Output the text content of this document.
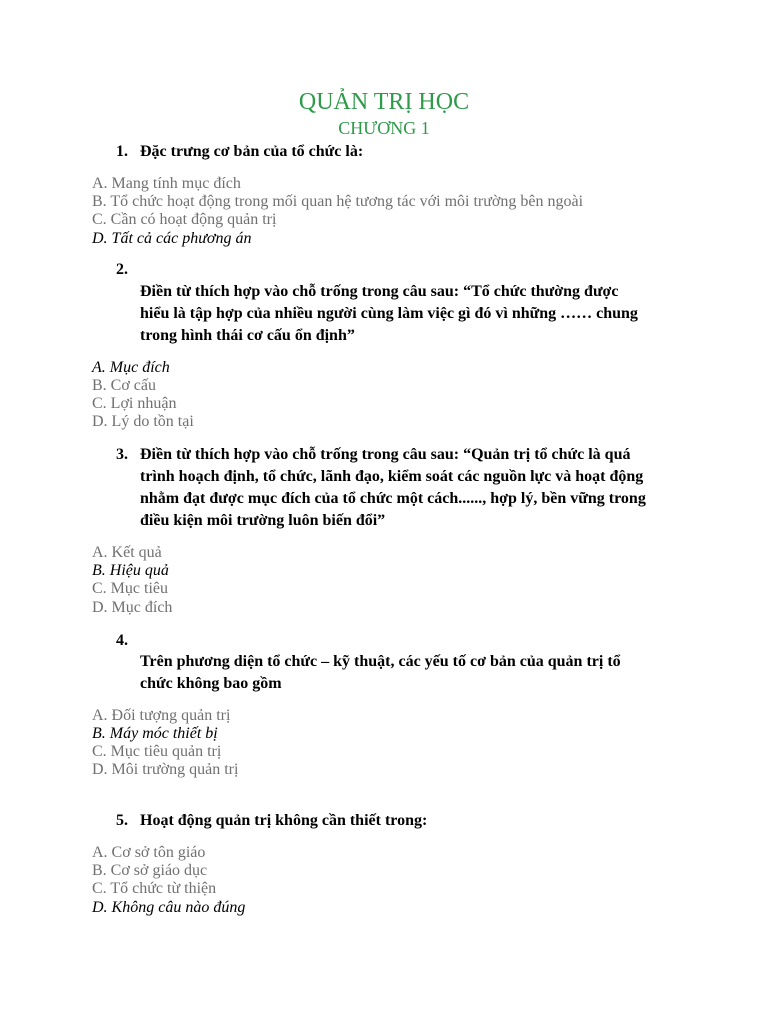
QUẢN TRỊ HỌC
CHƯƠNG 1
1. Đặc trưng cơ bản của tổ chức là:
A. Mang tính mục đích
B. Tổ chức hoạt động trong mối quan hệ tương tác với môi trường bên ngoài
C. Cần có hoạt động quản trị
D. Tất cả các phương án
2.
Điền từ thích hợp vào chỗ trống trong câu sau: “Tổ chức thường được
hiểu là tập hợp của nhiều người cùng làm việc gì đó vì những …… chung
trong hình thái cơ cấu ổn định”
A. Mục đích
B. Cơ cấu
C. Lợi nhuận
D. Lý do tồn tại
3. Điền từ thích hợp vào chỗ trống trong câu sau: “Quản trị tổ chức là quá
trình hoạch định, tổ chức, lãnh đạo, kiểm soát các nguồn lực và hoạt động
nhằm đạt được mục đích của tổ chức một cách......, hợp lý, bền vững trong
điều kiện môi trường luôn biến đổi”
A. Kết quả
B. Hiệu quả
C. Mục tiêu
D. Mục đích
4.
Trên phương diện tổ chức – kỹ thuật, các yếu tố cơ bản của quản trị tổ
chức không bao gồm
A. Đối tượng quản trị
B. Máy móc thiết bị
C. Mục tiêu quản trị
D. Môi trường quản trị
5. Hoạt động quản trị không cần thiết trong:
A. Cơ sở tôn giáo
B. Cơ sở giáo dục
C. Tổ chức từ thiện
D. Không câu nào đúng
